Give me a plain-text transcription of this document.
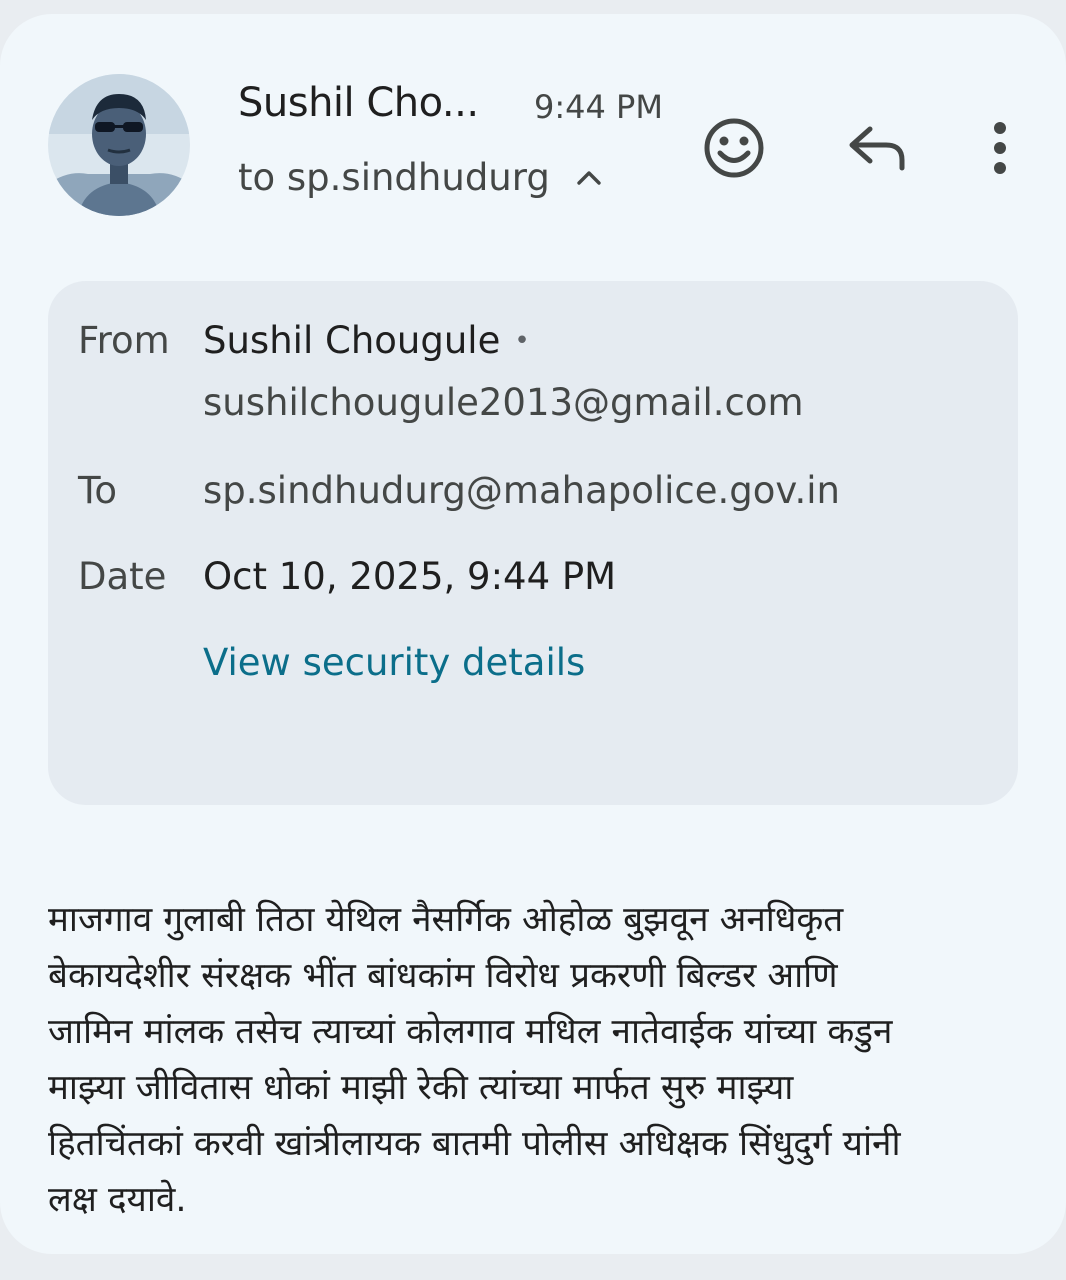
Sushil Cho... 9:44 PM
to sp.sindhudurg
From Sushil Chougule •
sushilchougule2013@gmail.com
To sp.sindhudurg@mahapolice.gov.in
Date Oct 10, 2025, 9:44 PM
View security details
माजगाव गुलाबी तिठा येथिल नैसर्गिक ओहोळ बुझवून अनधिकृत
बेकायदेशीर संरक्षक भींत बांधकांम विरोध प्रकरणी बिल्डर आणि
जामिन मांलक तसेच त्याच्यां कोलगाव मधिल नातेवाईक यांच्या कडुन
माझ्या जीवितास धोकां माझी रेकी त्यांच्या मार्फत सुरु माझ्या
हितचिंतकां करवी खांत्रीलायक बातमी पोलीस अधिक्षक सिंधुदुर्ग यांनी
लक्ष दयावे.
